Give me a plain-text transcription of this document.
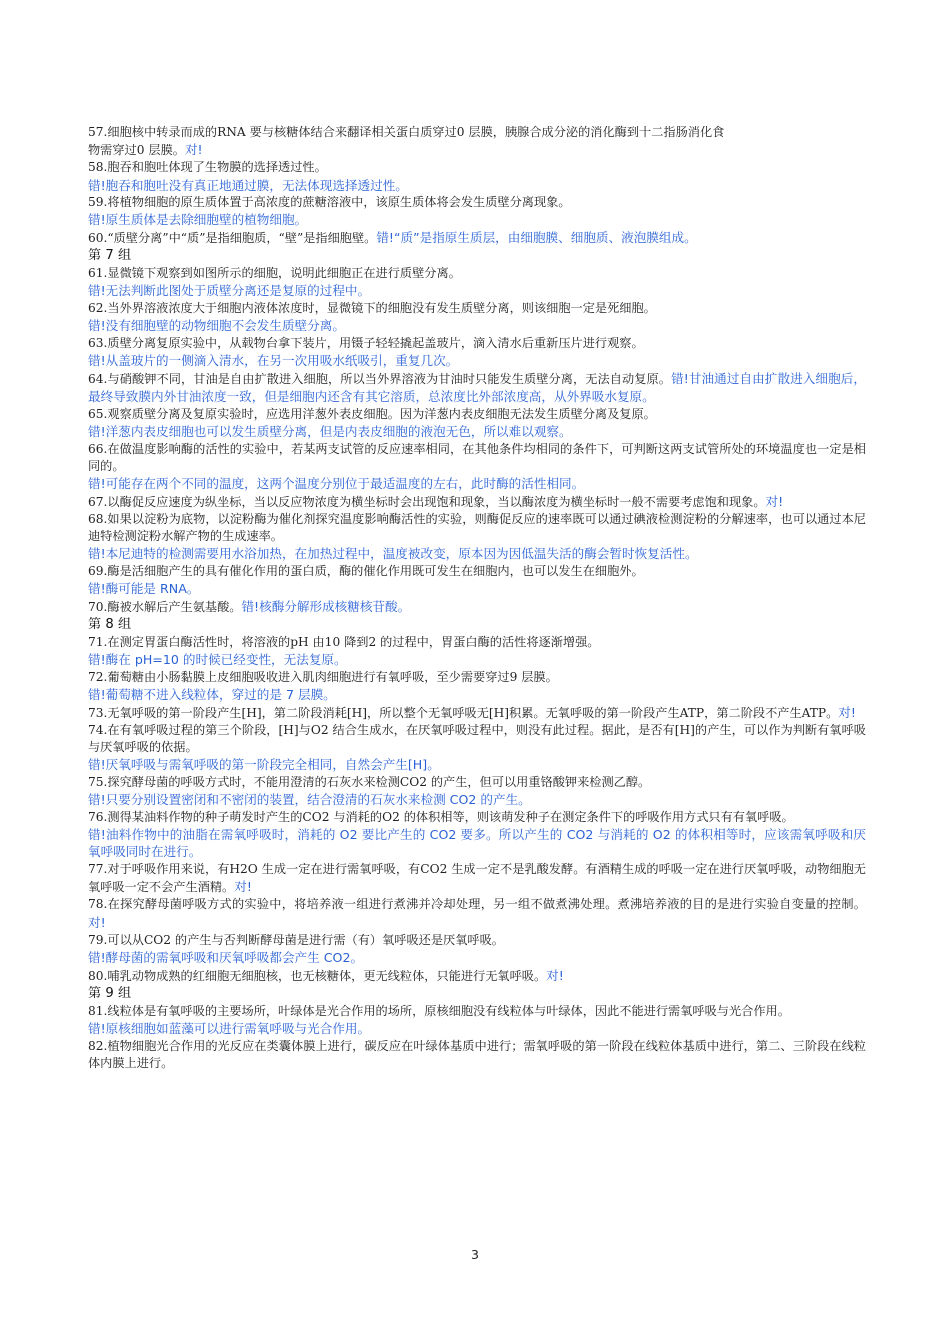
57.细胞核中转录而成的RNA 要与核糖体结合来翻译相关蛋白质穿过0 层膜，胰腺合成分泌的消化酶到十二指肠消化食

物需穿过0 层膜。对!

58.胞吞和胞吐体现了生物膜的选择透过性。

错!胞吞和胞吐没有真正地通过膜，无法体现选择透过性。

59.将植物细胞的原生质体置于高浓度的蔗糖溶液中，该原生质体将会发生质壁分离现象。

错!原生质体是去除细胞壁的植物细胞。

60.“质壁分离”中“质”是指细胞质，“壁”是指细胞壁。错!“质”是指原生质层，由细胞膜、细胞质、液泡膜组成。

第 7 组

61.显微镜下观察到如图所示的细胞，说明此细胞正在进行质壁分离。

错!无法判断此图处于质壁分离还是复原的过程中。

62.当外界溶液浓度大于细胞内液体浓度时，显微镜下的细胞没有发生质壁分离，则该细胞一定是死细胞。

错!没有细胞壁的动物细胞不会发生质壁分离。

63.质壁分离复原实验中，从载物台拿下装片，用镊子轻轻撬起盖玻片，滴入清水后重新压片进行观察。

错!从盖玻片的一侧滴入清水，在另一次用吸水纸吸引，重复几次。

64.与硝酸钾不同，甘油是自由扩散进入细胞，所以当外界溶液为甘油时只能发生质壁分离，无法自动复原。错!甘油通过自由扩散进入细胞后，最终导致膜内外甘油浓度一致，但是细胞内还含有其它溶质，总浓度比外部浓度高，从外界吸水复原。

65.观察质壁分离及复原实验时，应选用洋葱外表皮细胞。因为洋葱内表皮细胞无法发生质壁分离及复原。

错!洋葱内表皮细胞也可以发生质壁分离，但是内表皮细胞的液泡无色，所以难以观察。

66.在做温度影响酶的活性的实验中，若某两支试管的反应速率相同，在其他条件均相同的条件下，可判断这两支试管所处的环境温度也一定是相同的。

错!可能存在两个不同的温度，这两个温度分别位于最适温度的左右，此时酶的活性相同。

67.以酶促反应速度为纵坐标，当以反应物浓度为横坐标时会出现饱和现象，当以酶浓度为横坐标时一般不需要考虑饱和现象。对!

68.如果以淀粉为底物，以淀粉酶为催化剂探究温度影响酶活性的实验，则酶促反应的速率既可以通过碘液检测淀粉的分解速率，也可以通过本尼迪特检测淀粉水解产物的生成速率。

错!本尼迪特的检测需要用水浴加热，在加热过程中，温度被改变，原本因为因低温失活的酶会暂时恢复活性。

69.酶是活细胞产生的具有催化作用的蛋白质，酶的催化作用既可发生在细胞内，也可以发生在细胞外。

错!酶可能是 RNA。

70.酶被水解后产生氨基酸。错!核酶分解形成核糖核苷酸。

第 8 组

71.在测定胃蛋白酶活性时，将溶液的pH 由10 降到2 的过程中，胃蛋白酶的活性将逐渐增强。

错!酶在 pH=10 的时候已经变性，无法复原。

72.葡萄糖由小肠黏膜上皮细胞吸收进入肌肉细胞进行有氧呼吸，至少需要穿过9 层膜。

错!葡萄糖不进入线粒体，穿过的是 7 层膜。

73.无氧呼吸的第一阶段产生[H]，第二阶段消耗[H]，所以整个无氧呼吸无[H]积累。无氧呼吸的第一阶段产生ATP，第二阶段不产生ATP。对!

74.在有氧呼吸过程的第三个阶段，[H]与O2 结合生成水，在厌氧呼吸过程中，则没有此过程。据此，是否有[H]的产生，可以作为判断有氧呼吸与厌氧呼吸的依据。

错!厌氧呼吸与需氧呼吸的第一阶段完全相同，自然会产生[H]。

75.探究酵母菌的呼吸方式时，不能用澄清的石灰水来检测CO2 的产生，但可以用重铬酸钾来检测乙醇。

错!只要分别设置密闭和不密闭的装置，结合澄清的石灰水来检测 CO2 的产生。

76.测得某油料作物的种子萌发时产生的CO2 与消耗的O2 的体积相等，则该萌发种子在测定条件下的呼吸作用方式只有有氧呼吸。

错!油料作物中的油脂在需氧呼吸时，消耗的 O2 要比产生的 CO2 要多。所以产生的 CO2 与消耗的 O2 的体积相等时，应该需氧呼吸和厌氧呼吸同时在进行。

77.对于呼吸作用来说，有H2O 生成一定在进行需氧呼吸，有CO2 生成一定不是乳酸发酵。有酒精生成的呼吸一定在进行厌氧呼吸，动物细胞无氧呼吸一定不会产生酒精。对!

78.在探究酵母菌呼吸方式的实验中，将培养液一组进行煮沸并冷却处理，另一组不做煮沸处理。煮沸培养液的目的是进行实验自变量的控制。对!

79.可以从CO2 的产生与否判断酵母菌是进行需（有）氧呼吸还是厌氧呼吸。

错!酵母菌的需氧呼吸和厌氧呼吸都会产生 CO2。

80.哺乳动物成熟的红细胞无细胞核，也无核糖体，更无线粒体，只能进行无氧呼吸。对!

第 9 组

81.线粒体是有氧呼吸的主要场所，叶绿体是光合作用的场所，原核细胞没有线粒体与叶绿体，因此不能进行需氧呼吸与光合作用。

错!原核细胞如蓝藻可以进行需氧呼吸与光合作用。

82.植物细胞光合作用的光反应在类囊体膜上进行，碳反应在叶绿体基质中进行；需氧呼吸的第一阶段在线粒体基质中进行，第二、三阶段在线粒体内膜上进行。

3
